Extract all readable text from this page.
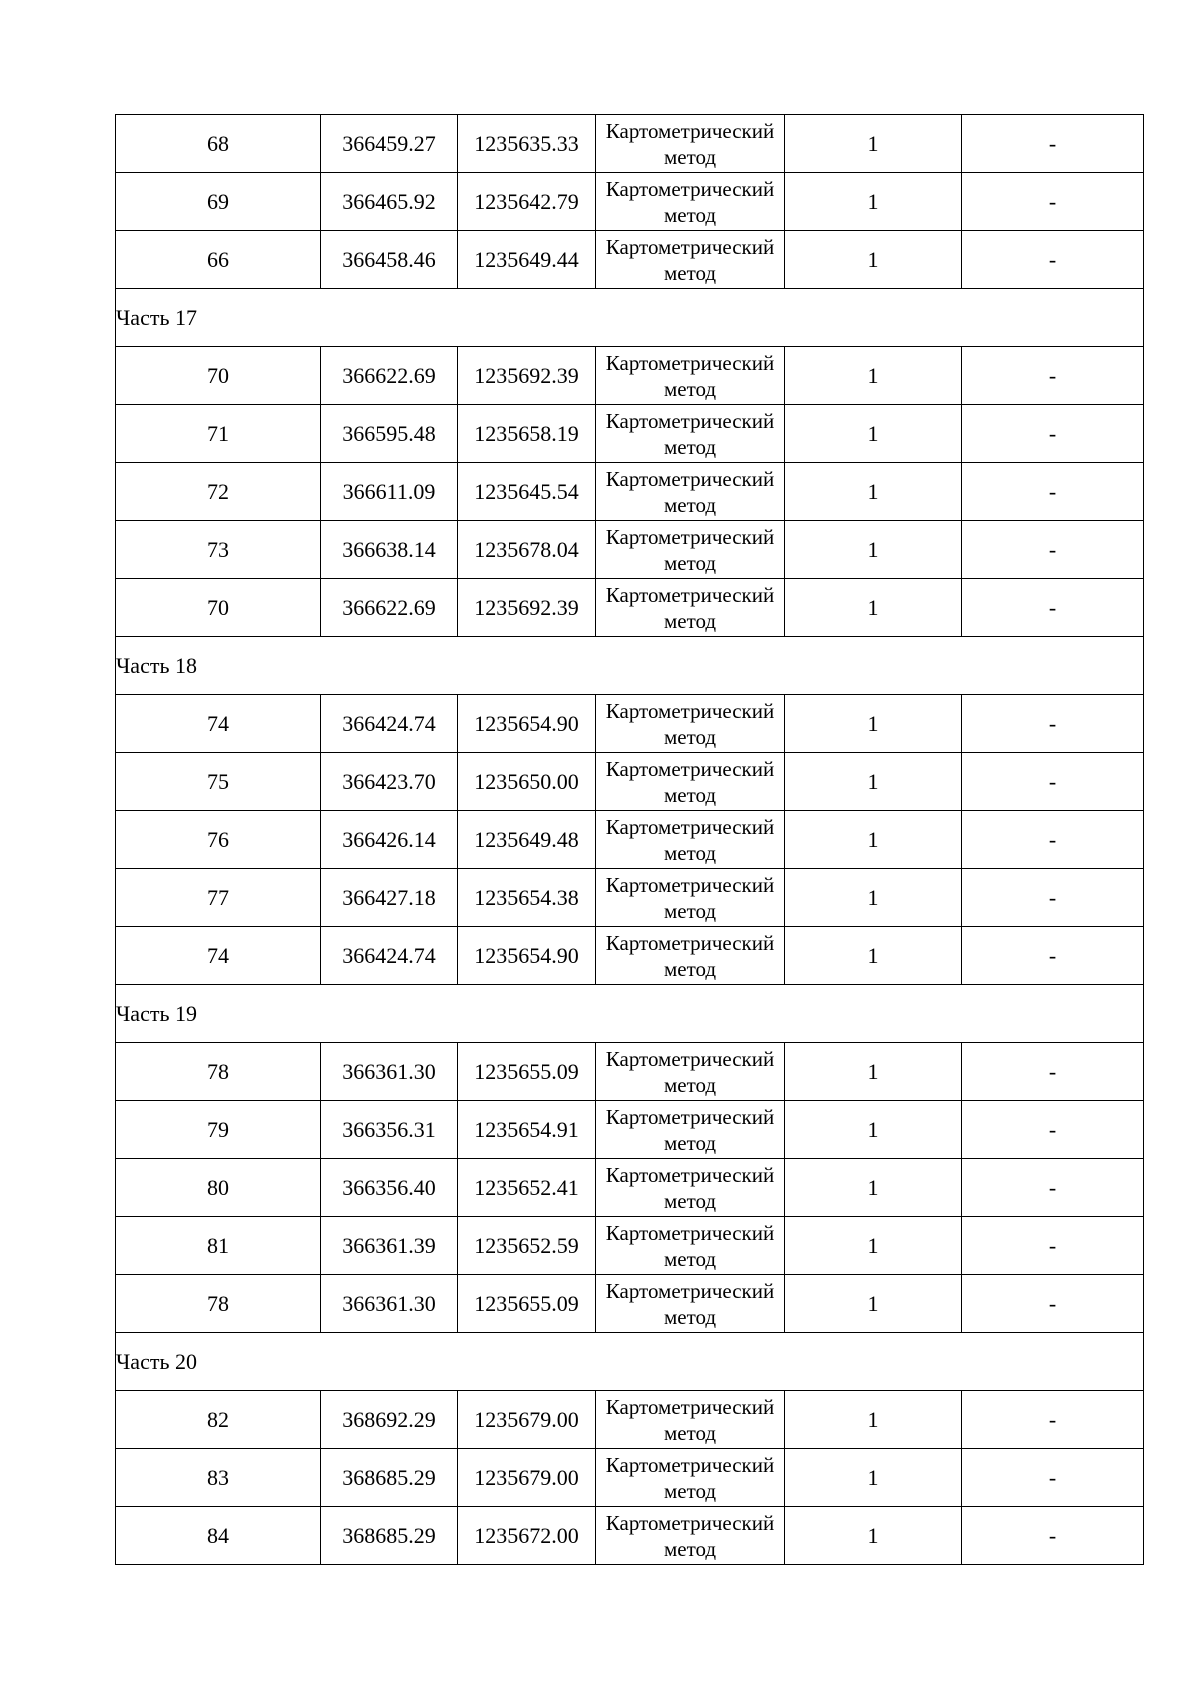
68	366459.27	1235635.33	Картометрический метод	1	-
69	366465.92	1235642.79	Картометрический метод	1	-
66	366458.46	1235649.44	Картометрический метод	1	-
Часть 17					
70	366622.69	1235692.39	Картометрический метод	1	-
71	366595.48	1235658.19	Картометрический метод	1	-
72	366611.09	1235645.54	Картометрический метод	1	-
73	366638.14	1235678.04	Картометрический метод	1	-
70	366622.69	1235692.39	Картометрический метод	1	-
Часть 18					
74	366424.74	1235654.90	Картометрический метод	1	-
75	366423.70	1235650.00	Картометрический метод	1	-
76	366426.14	1235649.48	Картометрический метод	1	-
77	366427.18	1235654.38	Картометрический метод	1	-
74	366424.74	1235654.90	Картометрический метод	1	-
Часть 19					
78	366361.30	1235655.09	Картометрический метод	1	-
79	366356.31	1235654.91	Картометрический метод	1	-
80	366356.40	1235652.41	Картометрический метод	1	-
81	366361.39	1235652.59	Картометрический метод	1	-
78	366361.30	1235655.09	Картометрический метод	1	-
Часть 20					
82	368692.29	1235679.00	Картометрический метод	1	-
83	368685.29	1235679.00	Картометрический метод	1	-
84	368685.29	1235672.00	Картометрический метод	1	-
